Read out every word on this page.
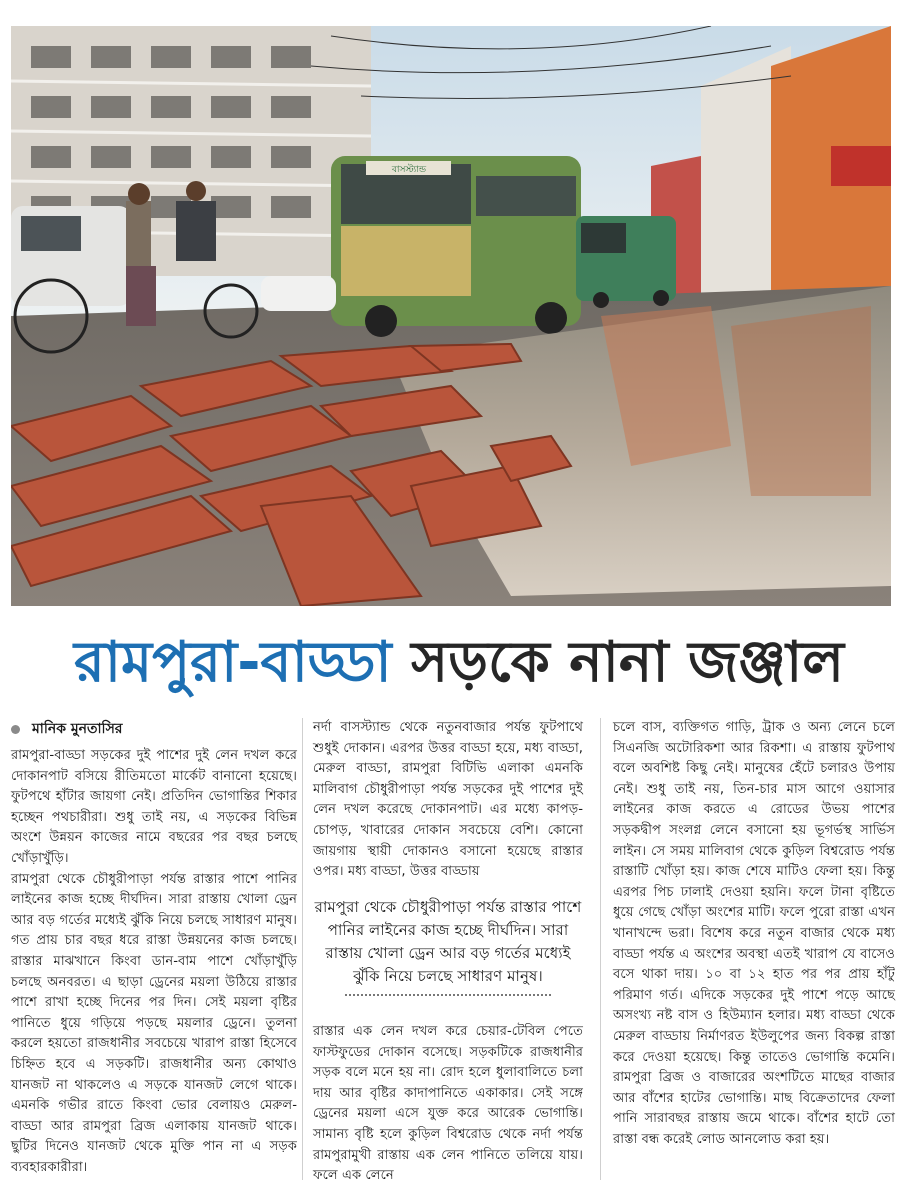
বাসস্ট্যান্ড
রামপুরা-বাড্ডা সড়কে নানা জঞ্জাল
মানিক মুনতাসির

রামপুরা-বাড্ডা সড়কের দুই পাশের দুই লেন দখল করে দোকানপাট বসিয়ে রীতিমতো মার্কেট বানানো হয়েছে। ফুটপথে হাঁটার জায়গা নেই। প্রতিদিন ভোগান্তির শিকার হচ্ছেন পথচারীরা। শুধু তাই নয়, এ সড়কের বিভিন্ন অংশে উন্নয়ন কাজের নামে বছরের পর বছর চলছে খোঁড়াখুঁড়ি।

রামপুরা থেকে চৌধুরীপাড়া পর্যন্ত রাস্তার পাশে পানির লাইনের কাজ হচ্ছে দীর্ঘদিন। সারা রাস্তায় খোলা ড্রেন আর বড় গর্তের মধ্যেই ঝুঁকি নিয়ে চলছে সাধারণ মানুষ। গত প্রায় চার বছর ধরে রাস্তা উন্নয়নের কাজ চলছে। রাস্তার মাঝখানে কিংবা ডান-বাম পাশে খোঁড়াখুঁড়ি চলছে অনবরত। এ ছাড়া ড্রেনের ময়লা উঠিয়ে রাস্তার পাশে রাখা হচ্ছে দিনের পর দিন। সেই ময়লা বৃষ্টির পানিতে ধুয়ে গড়িয়ে পড়ছে ময়লার ড্রেনে। তুলনা করলে হয়তো রাজধানীর সবচেয়ে খারাপ রাস্তা হিসেবে চিহ্নিত হবে এ সড়কটি। রাজধানীর অন্য কোথাও যানজট না থাকলেও এ সড়কে যানজট লেগে থাকে। এমনকি গভীর রাতে কিংবা ভোর বেলায়ও মেরুল-বাড্ডা আর রামপুরা ব্রিজ এলাকায় যানজট থাকে। ছুটির দিনেও যানজট থেকে মুক্তি পান না এ সড়ক ব্যবহারকারীরা।

নর্দা বাসস্ট্যান্ড থেকে নতুনবাজার পর্যন্ত ফুটপাথে শুধুই দোকান। এরপর উত্তর বাড্ডা হয়ে, মধ্য বাড্ডা, মেরুল বাড্ডা, রামপুরা বিটিভি এলাকা এমনকি মালিবাগ চৌধুরীপাড়া পর্যন্ত সড়কের দুই পাশের দুই লেন দখল করেছে দোকানপাট। এর মধ্যে কাপড়-চোপড়, খাবারের দোকান সবচেয়ে বেশি। কোনো জায়গায় স্থায়ী দোকানও বসানো হয়েছে রাস্তার ওপর। মধ্য বাড্ডা, উত্তর বাড্ডায়

রামপুরা থেকে চৌধুরীপাড়া পর্যন্ত রাস্তার পাশে পানির লাইনের কাজ হচ্ছে দীর্ঘদিন। সারা রাস্তায় খোলা ড্রেন আর বড় গর্তের মধ্যেই ঝুঁকি নিয়ে চলছে সাধারণ মানুষ।

রাস্তার এক লেন দখল করে চেয়ার-টেবিল পেতে ফাস্টফুডের দোকান বসেছে। সড়কটিকে রাজধানীর সড়ক বলে মনে হয় না। রোদ হলে ধুলাবালিতে চলা দায় আর বৃষ্টির কাদাপানিতে একাকার। সেই সঙ্গে ড্রেনের ময়লা এসে যুক্ত করে আরেক ভোগান্তি। সামান্য বৃষ্টি হলে কুড়িল বিশ্বরোড থেকে নর্দা পর্যন্ত রামপুরামুখী রাস্তায় এক লেন পানিতে তলিয়ে যায়। ফলে এক লেনে

চলে বাস, ব্যক্তিগত গাড়ি, ট্রাক ও অন্য লেনে চলে সিএনজি অটোরিকশা আর রিকশা। এ রাস্তায় ফুটপাথ বলে অবশিষ্ট কিছু নেই। মানুষের হেঁটে চলারও উপায় নেই। শুধু তাই নয়, তিন-চার মাস আগে ওয়াসার লাইনের কাজ করতে এ রোডের উভয় পাশের সড়কদ্বীপ সংলগ্ন লেনে বসানো হয় ভূগর্ভস্থ সার্ভিস লাইন। সে সময় মালিবাগ থেকে কুড়িল বিশ্বরোড পর্যন্ত রাস্তাটি খোঁড়া হয়। কাজ শেষে মাটিও ফেলা হয়। কিন্তু এরপর পিচ ঢালাই দেওয়া হয়নি। ফলে টানা বৃষ্টিতে ধুয়ে গেছে খোঁড়া অংশের মাটি। ফলে পুরো রাস্তা এখন খানাখন্দে ভরা। বিশেষ করে নতুন বাজার থেকে মধ্য বাড্ডা পর্যন্ত এ অংশের অবস্থা এতই খারাপ যে বাসেও বসে থাকা দায়। ১০ বা ১২ হাত পর পর প্রায় হাঁটু পরিমাণ গর্ত। এদিকে সড়কের দুই পাশে পড়ে আছে অসংখ্য নষ্ট বাস ও হিউম্যান হলার। মধ্য বাড্ডা থেকে মেরুল বাড্ডায় নির্মাণরত ইউলুপের জন্য বিকল্প রাস্তা করে দেওয়া হয়েছে। কিন্তু তাতেও ভোগান্তি কমেনি। রামপুরা ব্রিজ ও বাজারের অংশটিতে মাছের বাজার আর বাঁশের হাটের ভোগান্তি। মাছ বিক্রেতাদের ফেলা পানি সারাবছর রাস্তায় জমে থাকে। বাঁশের হাটে তো রাস্তা বন্ধ করেই লোড আনলোড করা হয়।
